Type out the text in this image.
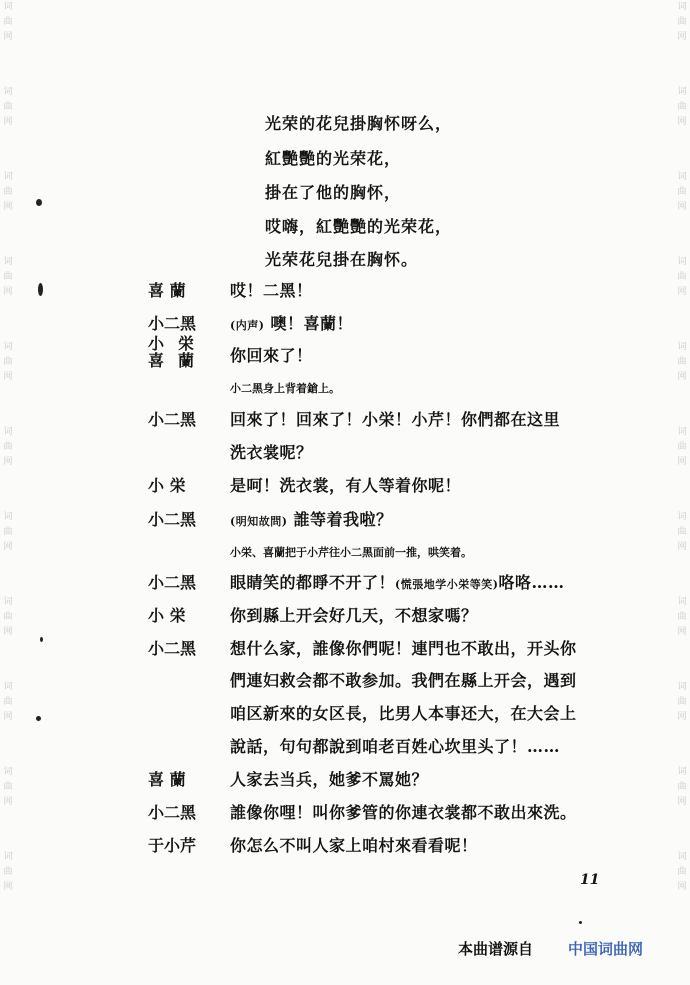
词
曲
网
词
曲
网
词
曲
网
词
曲
网
词
曲
网
词
曲
网
词
曲
网
词
曲
网
词
曲
网
词
曲
网
词
曲
网
词
曲
网
词
曲
网
词
曲
网
词
曲
网
词
曲
网
词
曲
网
词
曲
网
词
曲
网
词
曲
网
词
曲
网
词
曲
网
光荣的花兒掛胸怀呀么，
紅艷艷的光荣花，
掛在了他的胸怀，
哎嗨，紅艷艷的光荣花，
光荣花兒掛在胸怀。
喜 蘭	哎！二黑！
小二黑	(内声) 噢！喜蘭！
小栄
喜蘭 你回來了！
小二黑身上背着鎗上。
小二黑	回來了！回來了！小栄！小芹！你們都在这里
洗衣裳呢？
小 栄	是呵！洗衣裳，有人等着你呢！
小二黑	(明知故問) 誰等着我啦？
小栄、喜蘭把于小芹往小二黑面前一推，哄笑着。
小二黑	眼睛笑的都睜不开了！(慌張地学小栄等笑)咯咯……
小 栄	你到縣上开会好几天，不想家嗎？
小二黑	想什么家，誰像你們呢！連門也不敢出，开头你
們連妇救会都不敢参加。我們在縣上开会，遇到
咱区新來的女区長，比男人本事还大，在大会上
說話，句句都說到咱老百姓心坎里头了！……
喜 蘭	人家去当兵，她爹不罵她？
小二黑	誰像你哩！叫你爹管的你連衣裳都不敢出來洗。
于小芹	你怎么不叫人家上咱村來看看呢！
11
本曲谱源自 中国词曲网
